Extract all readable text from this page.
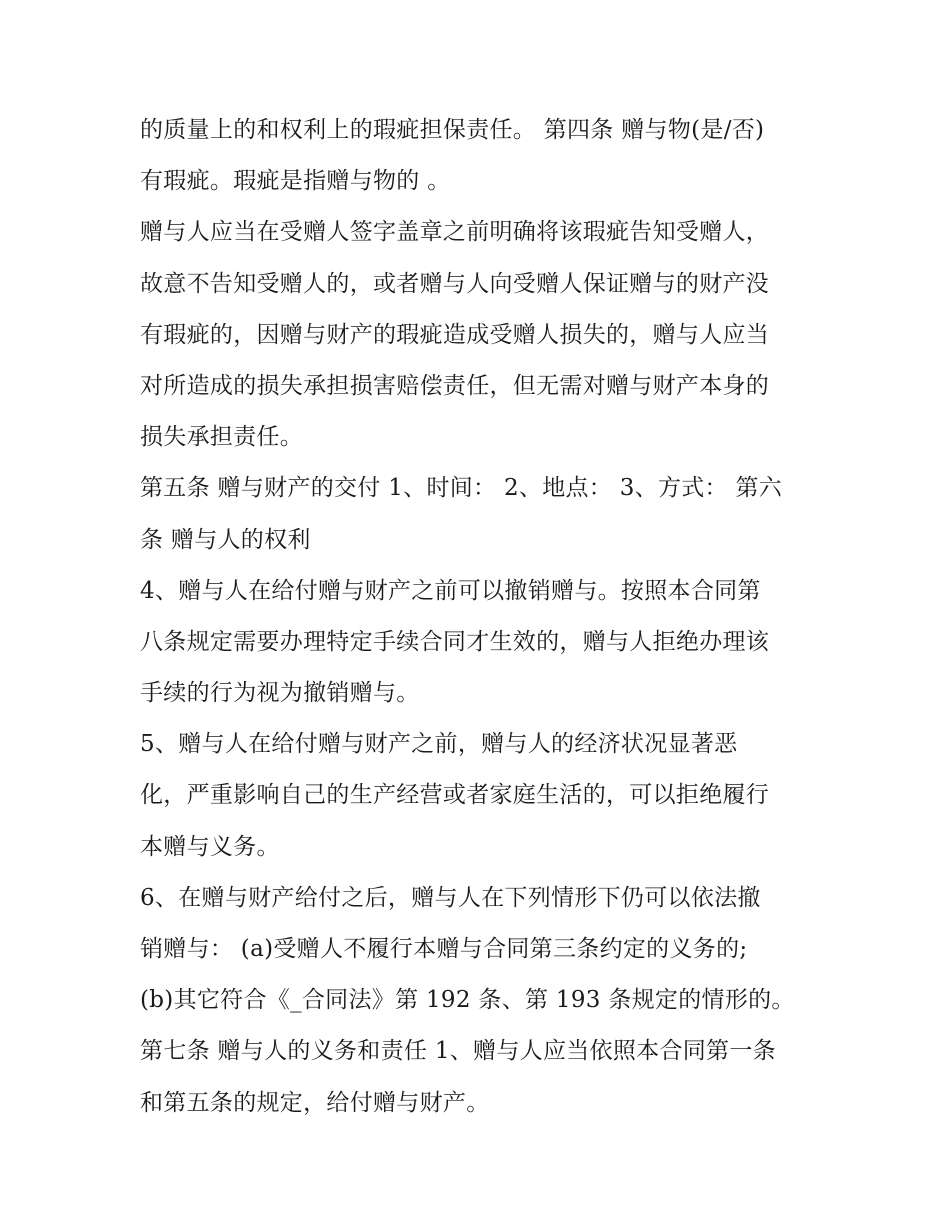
的质量上的和权利上的瑕疵担保责任。 第四条 赠与物(是/否)
有瑕疵。瑕疵是指赠与物的 。
赠与人应当在受赠人签字盖章之前明确将该瑕疵告知受赠人，
故意不告知受赠人的，或者赠与人向受赠人保证赠与的财产没
有瑕疵的，因赠与财产的瑕疵造成受赠人损失的，赠与人应当
对所造成的损失承担损害赔偿责任，但无需对赠与财产本身的
损失承担责任。
第五条 赠与财产的交付 1、时间： 2、地点： 3、方式： 第六
条 赠与人的权利
4、赠与人在给付赠与财产之前可以撤销赠与。按照本合同第
八条规定需要办理特定手续合同才生效的，赠与人拒绝办理该
手续的行为视为撤销赠与。
5、赠与人在给付赠与财产之前，赠与人的经济状况显著恶
化，严重影响自己的生产经营或者家庭生活的，可以拒绝履行
本赠与义务。
6、在赠与财产给付之后，赠与人在下列情形下仍可以依法撤
销赠与： (a)受赠人不履行本赠与合同第三条约定的义务的;
(b)其它符合《_合同法》第 192 条、第 193 条规定的情形的。
第七条 赠与人的义务和责任 1、赠与人应当依照本合同第一条
和第五条的规定，给付赠与财产。
